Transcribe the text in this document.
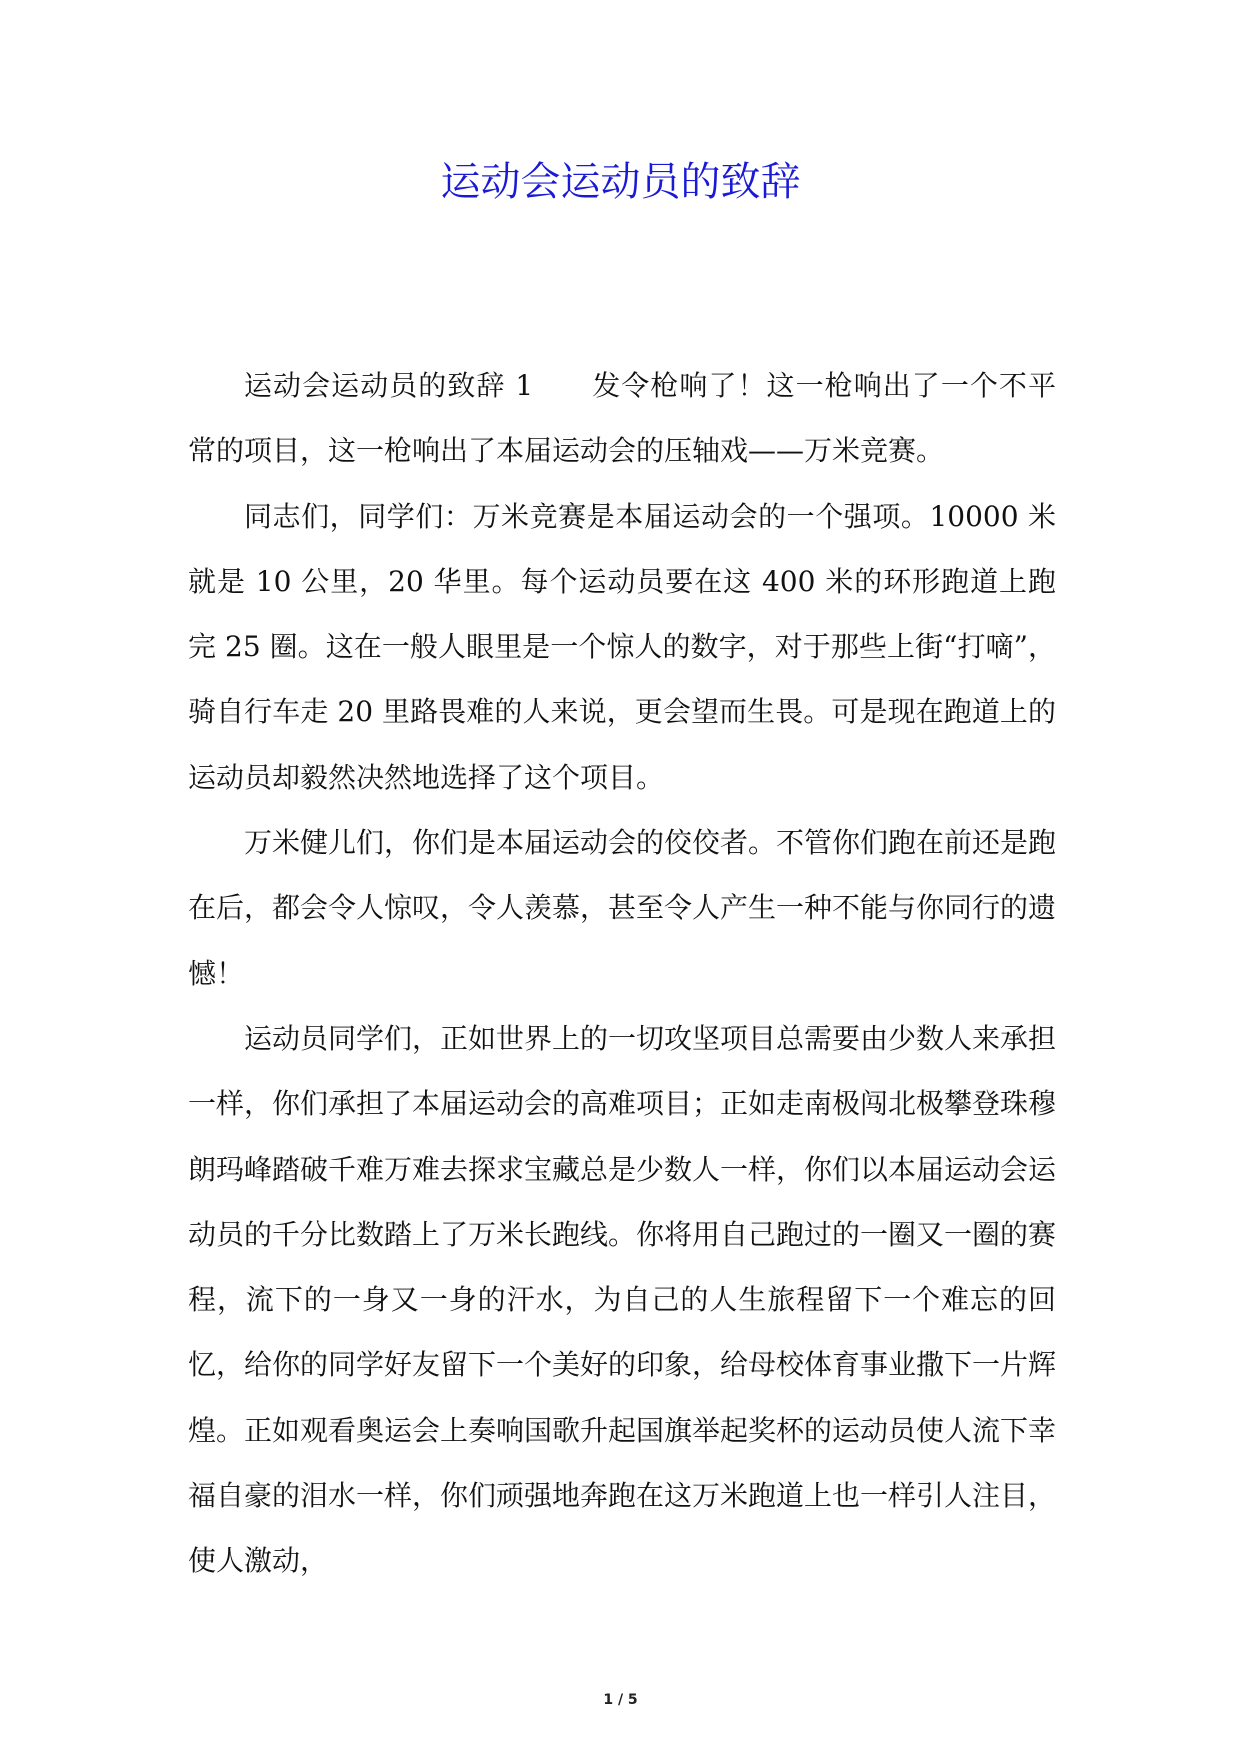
运动会运动员的致辞

运动会运动员的致辞 1 发令枪响了！这一枪响出了一个不平常的项目，这一枪响出了本届运动会的压轴戏——万米竞赛。

同志们，同学们：万米竞赛是本届运动会的一个强项。10000 米就是 10 公里，20 华里。每个运动员要在这 400 米的环形跑道上跑完 25 圈。这在一般人眼里是一个惊人的数字，对于那些上街“打嘀”，骑自行车走 20 里路畏难的人来说，更会望而生畏。可是现在跑道上的运动员却毅然决然地选择了这个项目。

万米健儿们，你们是本届运动会的佼佼者。不管你们跑在前还是跑在后，都会令人惊叹，令人羡慕，甚至令人产生一种不能与你同行的遗憾！

运动员同学们，正如世界上的一切攻坚项目总需要由少数人来承担一样，你们承担了本届运动会的高难项目；正如走南极闯北极攀登珠穆朗玛峰踏破千难万难去探求宝藏总是少数人一样，你们以本届运动会运动员的千分比数踏上了万米长跑线。你将用自己跑过的一圈又一圈的赛程，流下的一身又一身的汗水，为自己的人生旅程留下一个难忘的回忆，给你的同学好友留下一个美好的印象，给母校体育事业撒下一片辉煌。正如观看奥运会上奏响国歌升起国旗举起奖杯的运动员使人流下幸福自豪的泪水一样，你们顽强地奔跑在这万米跑道上也一样引人注目，使人激动，

1 / 5
